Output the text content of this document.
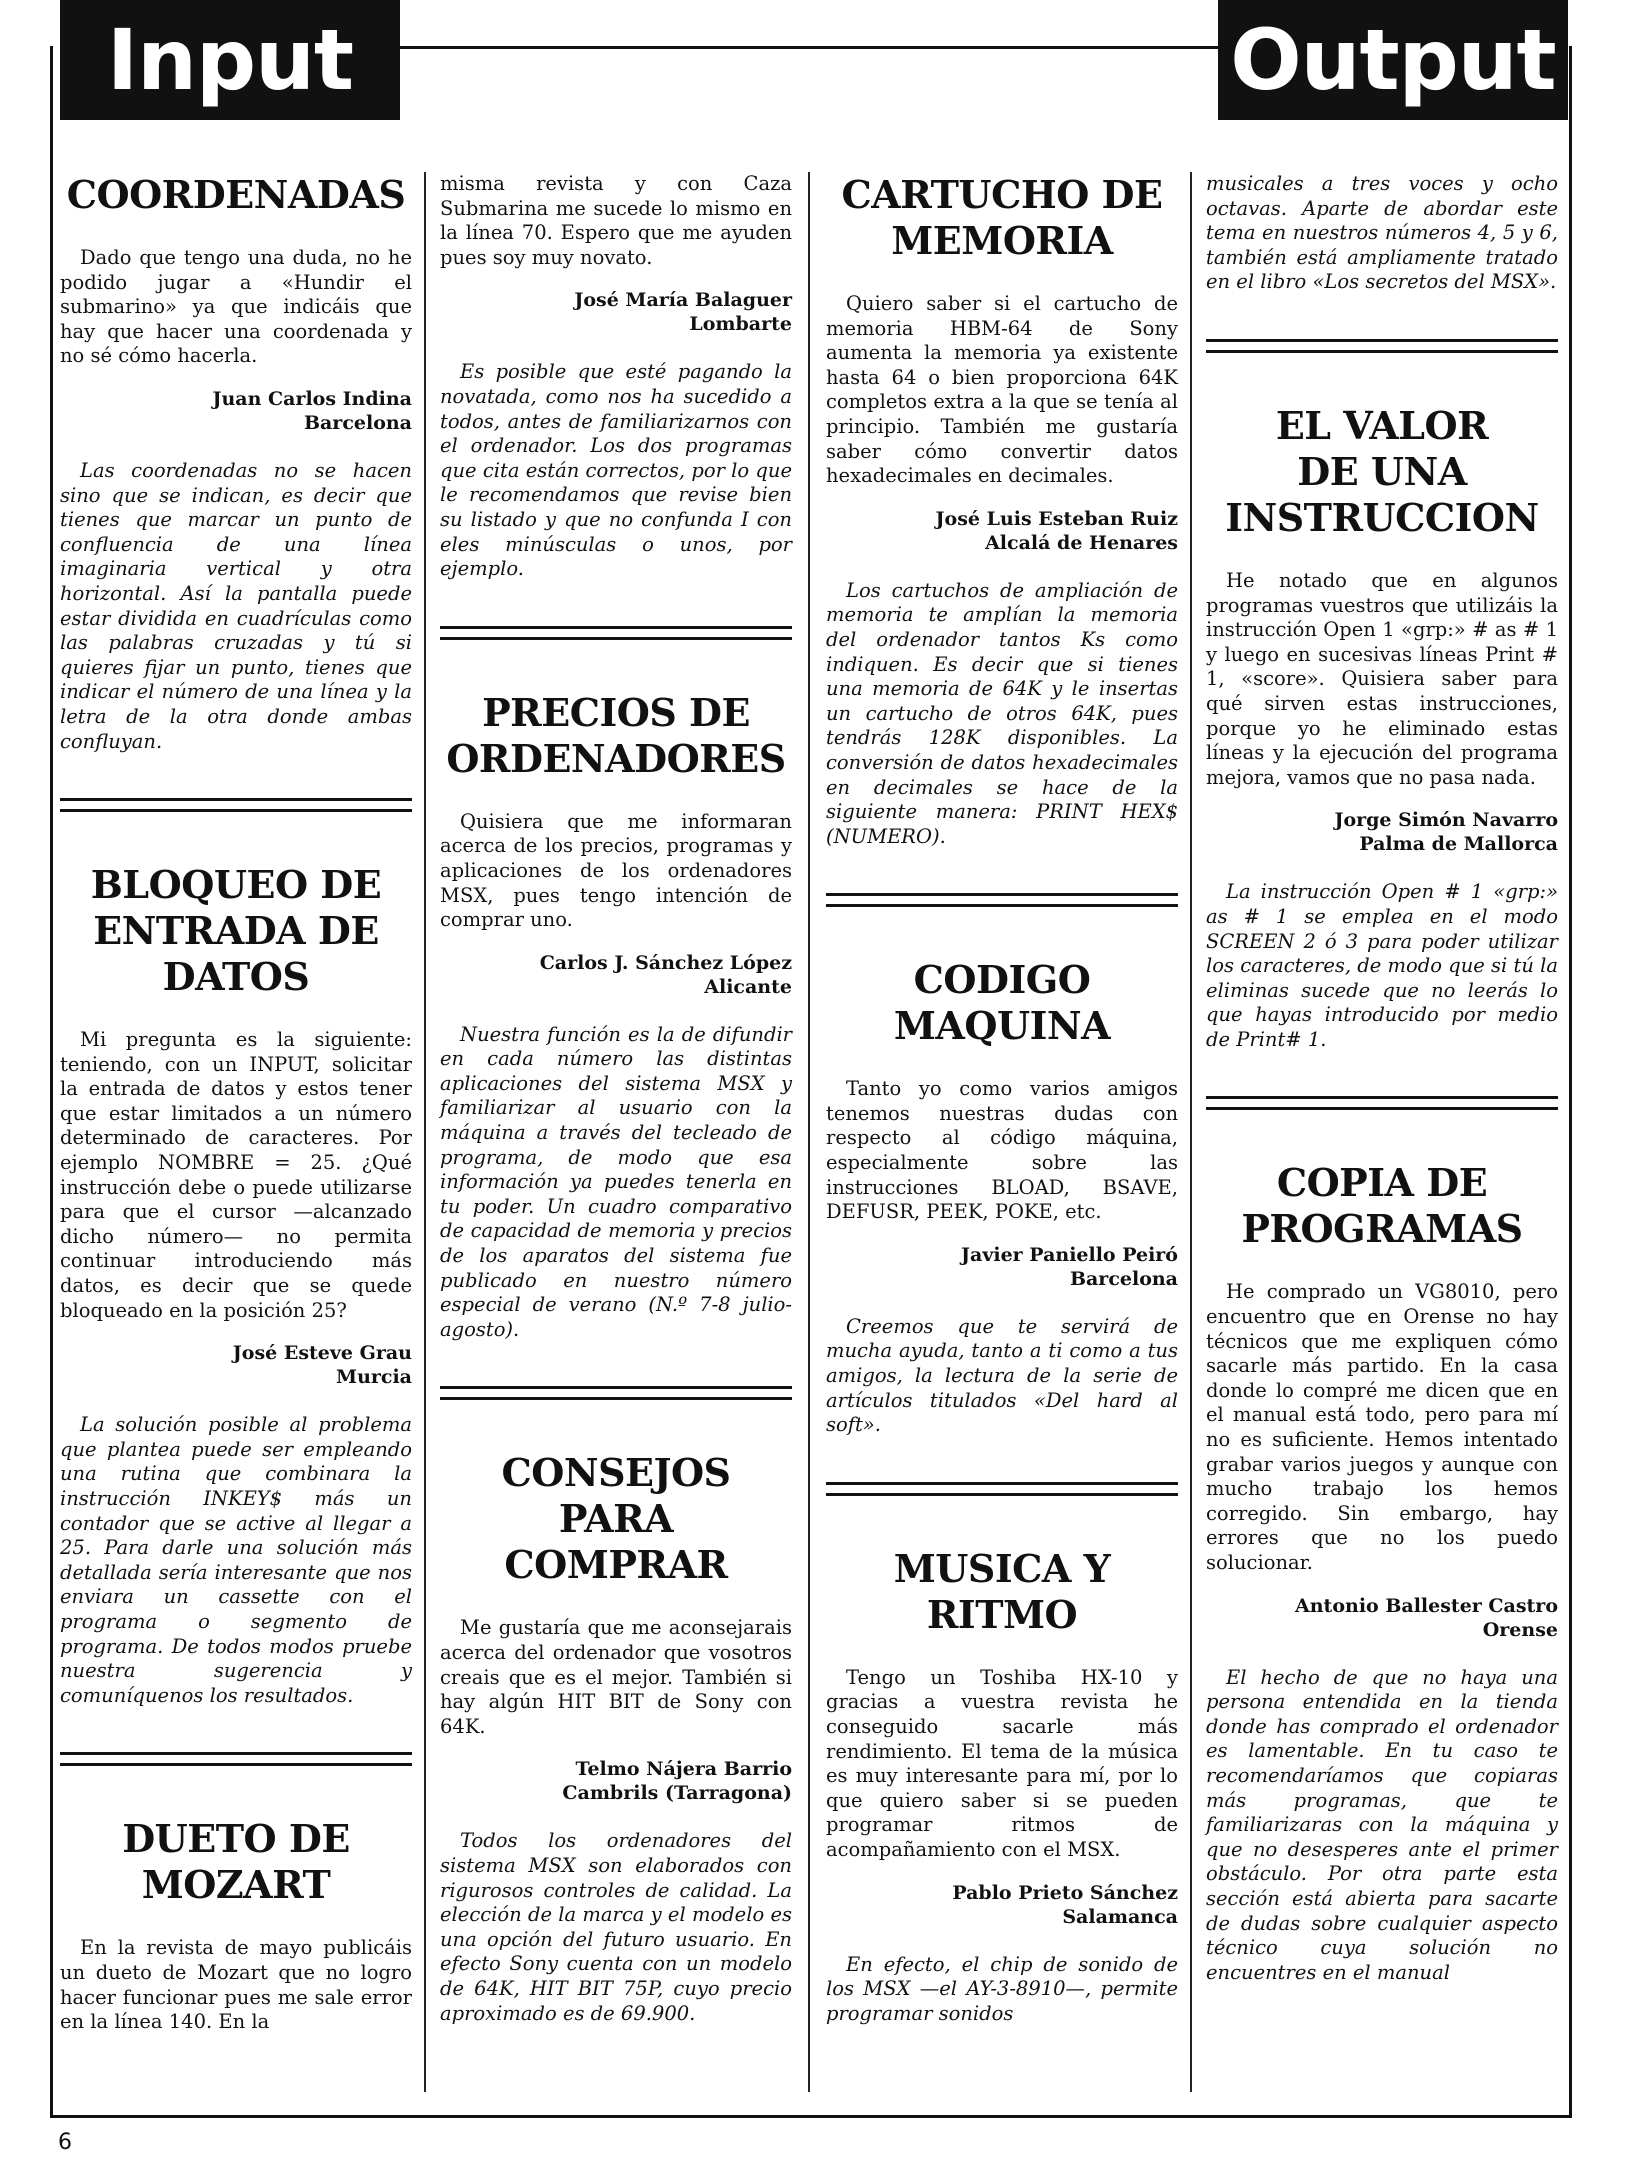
Input	Output
COORDENADAS

Dado que tengo una duda, no he podido jugar a «Hundir el submarino» ya que indicáis que hay que hacer una coordenada y no sé cómo hacerla.

Juan Carlos Indina
Barcelona

Las coordenadas no se hacen sino que se indican, es decir que tienes que marcar un punto de confluencia de una línea imaginaria vertical y otra horizontal. Así la pantalla puede estar dividida en cuadrículas como las palabras cruzadas y tú si quieres fijar un punto, tienes que indicar el número de una línea y la letra de la otra donde ambas confluyan.

BLOQUEO DE
ENTRADA DE
DATOS

Mi pregunta es la siguiente: teniendo, con un INPUT, solicitar la entrada de datos y estos tener que estar limitados a un número determinado de caracteres. Por ejemplo NOMBRE = 25. ¿Qué instrucción debe o puede utilizarse para que el cursor —alcanzado dicho número— no permita continuar introduciendo más datos, es decir que se quede bloqueado en la posición 25?

José Esteve Grau
Murcia

La solución posible al problema que plantea puede ser empleando una rutina que combinara la instrucción INKEY$ más un contador que se active al llegar a 25. Para darle una solución más detallada sería interesante que nos enviara un cassette con el programa o segmento de programa. De todos modos pruebe nuestra sugerencia y comuníquenos los resultados.

DUETO DE
MOZART

En la revista de mayo publicáis un dueto de Mozart que no logro hacer funcionar pues me sale error en la línea 140. En la

misma revista y con Caza Submarina me sucede lo mismo en la línea 70. Espero que me ayuden pues soy muy novato.

José María Balaguer
Lombarte

Es posible que esté pagando la novatada, como nos ha sucedido a todos, antes de familiarizarnos con el ordenador. Los dos programas que cita están correctos, por lo que le recomendamos que revise bien su listado y que no confunda I con eles minúsculas o unos, por ejemplo.

PRECIOS DE
ORDENADORES

Quisiera que me informaran acerca de los precios, programas y aplicaciones de los ordenadores MSX, pues tengo intención de comprar uno.

Carlos J. Sánchez López
Alicante

Nuestra función es la de difundir en cada número las distintas aplicaciones del sistema MSX y familiarizar al usuario con la máquina a través del tecleado de programa, de modo que esa información ya puedes tenerla en tu poder. Un cuadro comparativo de capacidad de memoria y precios de los aparatos del sistema fue publicado en nuestro número especial de verano (N.º 7-8 julio-agosto).

CONSEJOS PARA
COMPRAR

Me gustaría que me aconsejarais acerca del ordenador que vosotros creais que es el mejor. También si hay algún HIT BIT de Sony con 64K.

Telmo Nájera Barrio
Cambrils (Tarragona)

Todos los ordenadores del sistema MSX son elaborados con rigurosos controles de calidad. La elección de la marca y el modelo es una opción del futuro usuario. En efecto Sony cuenta con un modelo de 64K, HIT BIT 75P, cuyo precio aproximado es de 69.900.

CARTUCHO DE
MEMORIA

Quiero saber si el cartucho de memoria HBM-64 de Sony aumenta la memoria ya existente hasta 64 o bien proporciona 64K completos extra a la que se tenía al principio. También me gustaría saber cómo convertir datos hexadecimales en decimales.

José Luis Esteban Ruiz
Alcalá de Henares

Los cartuchos de ampliación de memoria te amplían la memoria del ordenador tantos Ks como indiquen. Es decir que si tienes una memoria de 64K y le insertas un cartucho de otros 64K, pues tendrás 128K disponibles. La conversión de datos hexadecimales en decimales se hace de la siguiente manera: PRINT HEX$ (NUMERO).

CODIGO
MAQUINA

Tanto yo como varios amigos tenemos nuestras dudas con respecto al código máquina, especialmente sobre las instrucciones BLOAD, BSAVE, DEFUSR, PEEK, POKE, etc.

Javier Paniello Peiró
Barcelona

Creemos que te servirá de mucha ayuda, tanto a ti como a tus amigos, la lectura de la serie de artículos titulados «Del hard al soft».

MUSICA Y
RITMO

Tengo un Toshiba HX-10 y gracias a vuestra revista he conseguido sacarle más rendimiento. El tema de la música es muy interesante para mí, por lo que quiero saber si se pueden programar ritmos de acompañamiento con el MSX.

Pablo Prieto Sánchez
Salamanca

En efecto, el chip de sonido de los MSX —el AY-3-8910—, permite programar sonidos

musicales a tres voces y ocho octavas. Aparte de abordar este tema en nuestros números 4, 5 y 6, también está ampliamente tratado en el libro «Los secretos del MSX».

EL VALOR
DE UNA
INSTRUCCION

He notado que en algunos programas vuestros que utilizáis la instrucción Open 1 «grp:» # as # 1 y luego en sucesivas líneas Print # 1, «score». Quisiera saber para qué sirven estas instrucciones, porque yo he eliminado estas líneas y la ejecución del programa mejora, vamos que no pasa nada.

Jorge Simón Navarro
Palma de Mallorca

La instrucción Open # 1 «grp:» as # 1 se emplea en el modo SCREEN 2 ó 3 para poder utilizar los caracteres, de modo que si tú la eliminas sucede que no leerás lo que hayas introducido por medio de Print# 1.

COPIA DE
PROGRAMAS

He comprado un VG8010, pero encuentro que en Orense no hay técnicos que me expliquen cómo sacarle más partido. En la casa donde lo compré me dicen que en el manual está todo, pero para mí no es suficiente. Hemos intentado grabar varios juegos y aunque con mucho trabajo los hemos corregido. Sin embargo, hay errores que no los puedo solucionar.

Antonio Ballester Castro
Orense

El hecho de que no haya una persona entendida en la tienda donde has comprado el ordenador es lamentable. En tu caso te recomendaríamos que copiaras más programas, que te familiarizaras con la máquina y que no desesperes ante el primer obstáculo. Por otra parte esta sección está abierta para sacarte de dudas sobre cualquier aspecto técnico cuya solución no encuentres en el manual

6
